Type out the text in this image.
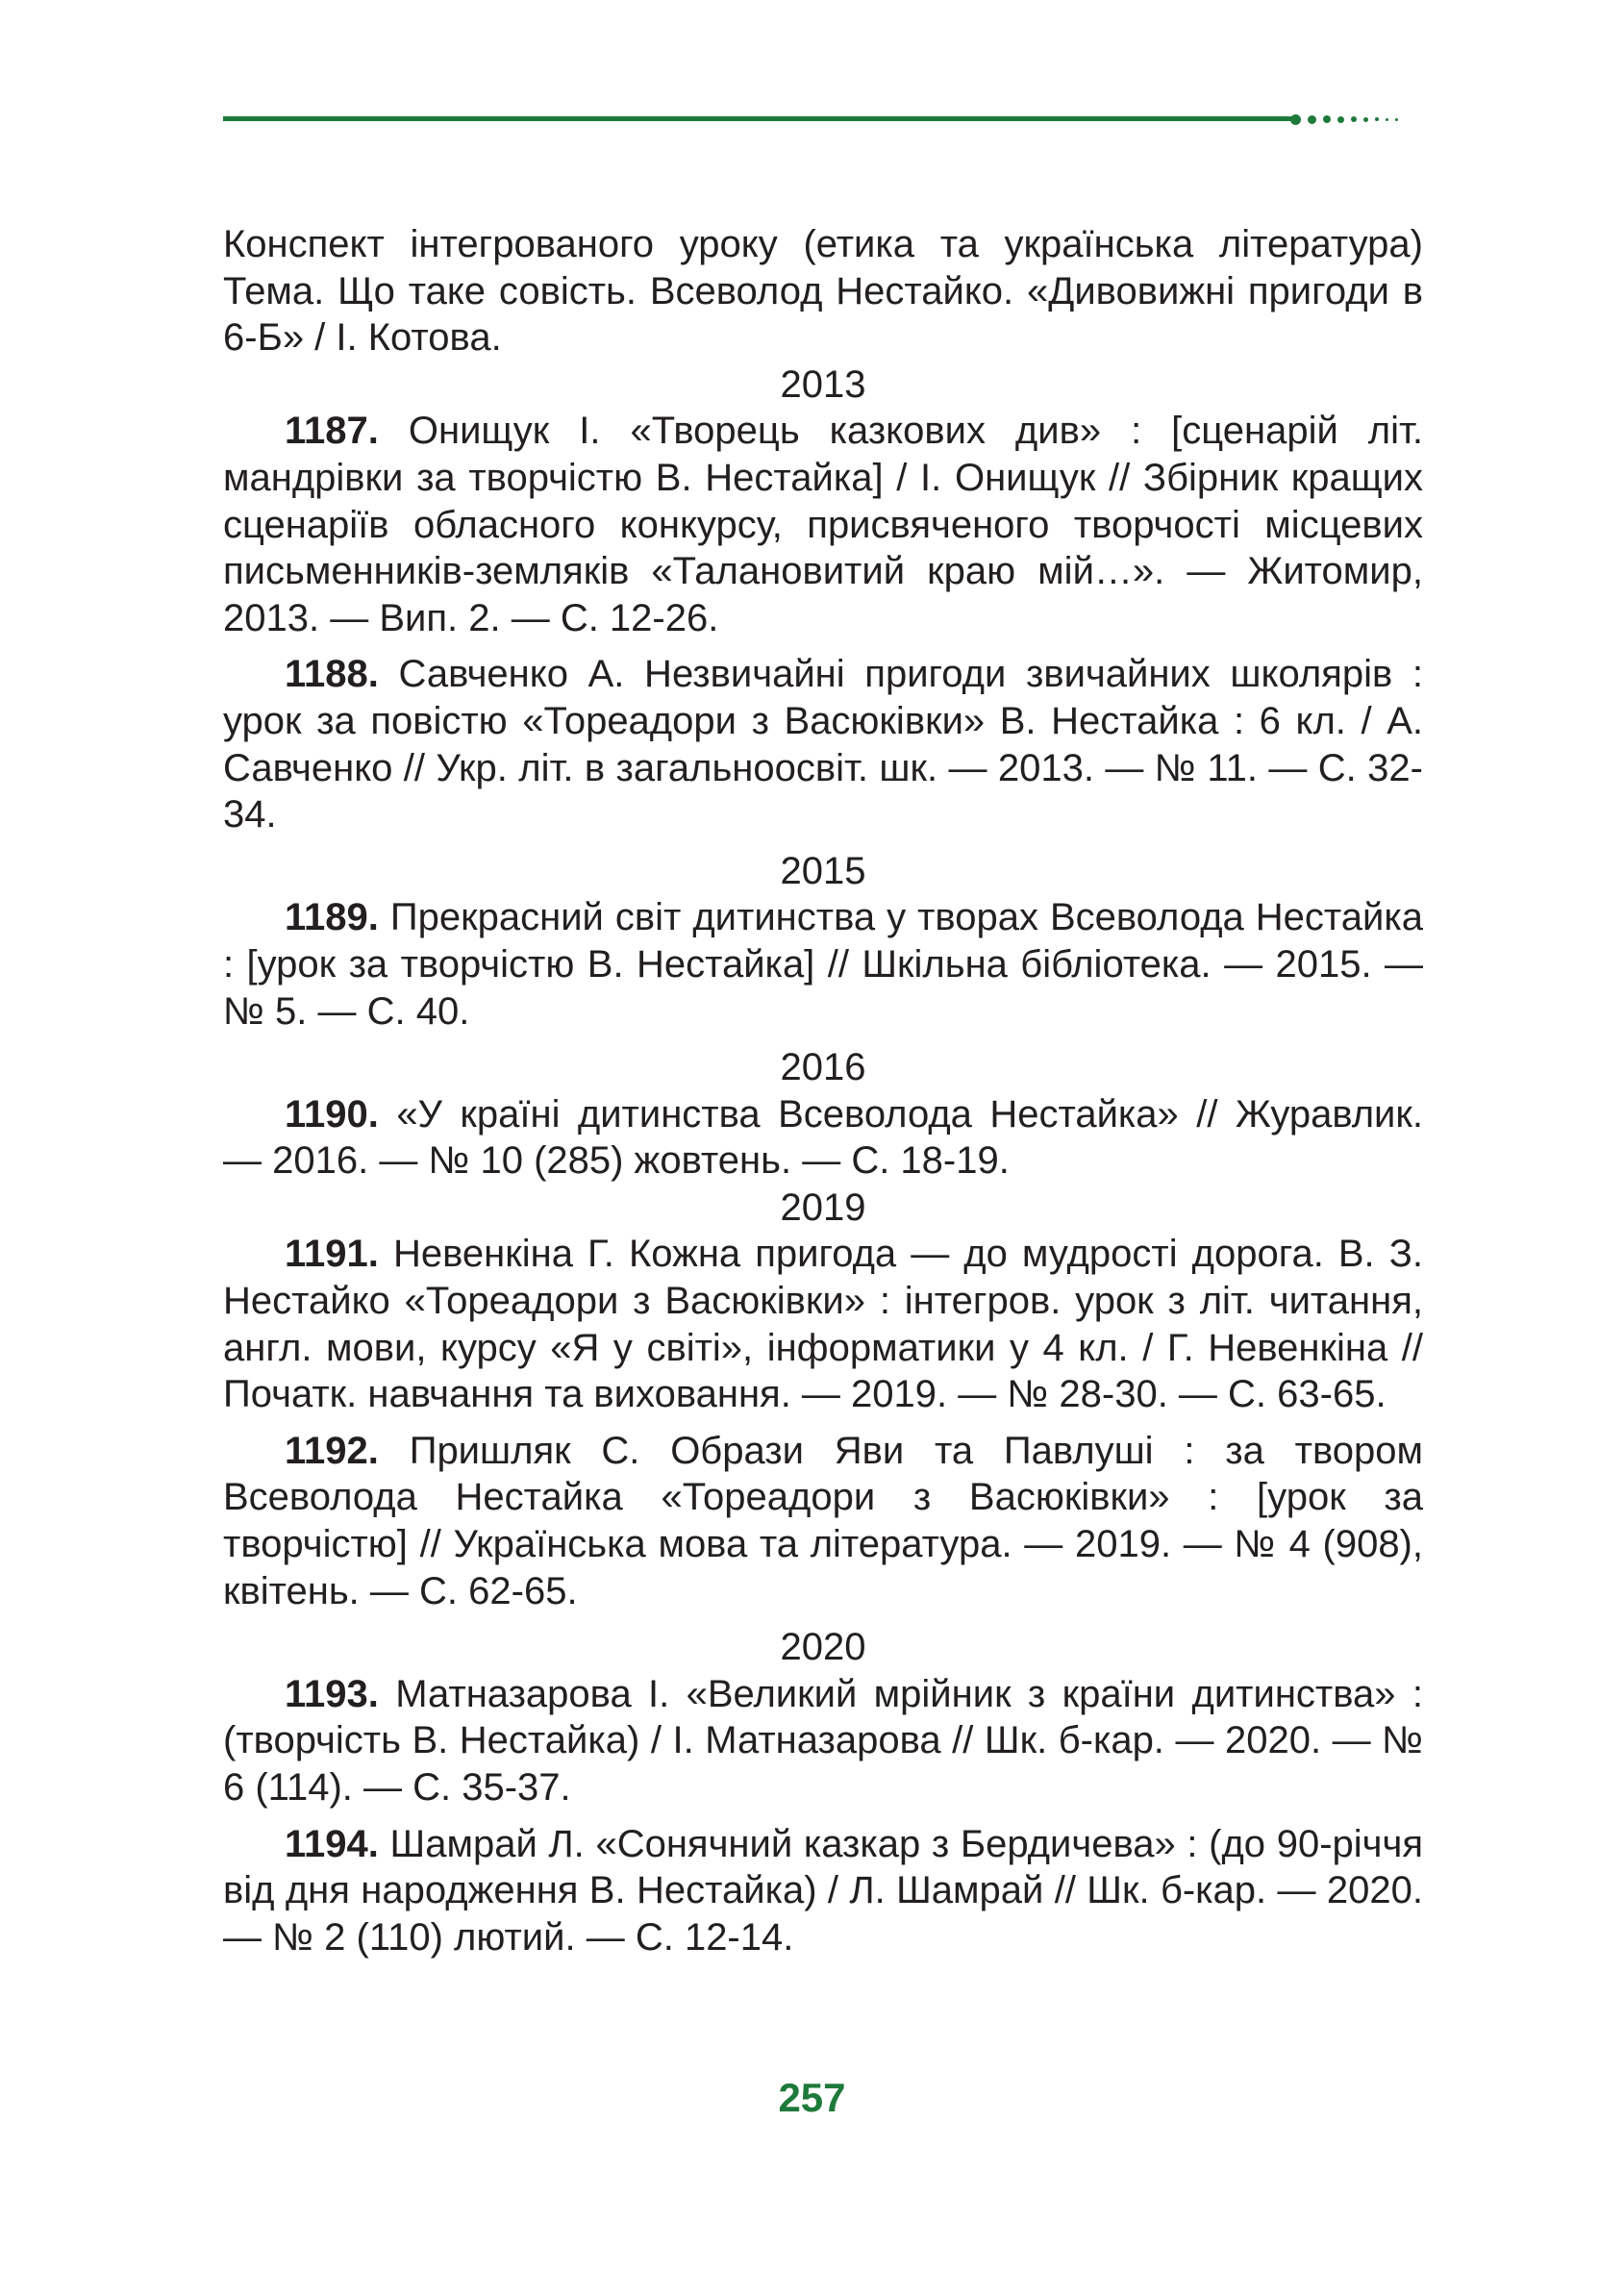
Конспект інтегрованого уроку (етика та українська література) Тема. Що таке совість. Всеволод Нестайко. «Дивовижні пригоди в 6-Б» / І. Котова.

2013

1187. Онищук І. «Творець казкових див» : [сценарій літ. мандрівки за творчістю В. Нестайка] / І. Онищук // Збірник кращих сценаріїв обласного конкурсу, присвяченого творчості місцевих письменників-земляків «Талановитий краю мій…». — Житомир, 2013. — Вип. 2. — С. 12-26.

1188. Савченко А. Незвичайні пригоди звичайних школярів : урок за повістю «Тореадори з Васюківки» В. Нестайка : 6 кл. / А. Савченко // Укр. літ. в загальноосвіт. шк. — 2013. — № 11. — С. 32-34.

2015

1189. Прекрасний світ дитинства у творах Всеволода Нестайка : [урок за творчістю В. Нестайка] // Шкільна бібліотека. — 2015. — № 5. — С. 40.

2016

1190. «У країні дитинства Всеволода Нестайка» // Журавлик. — 2016. — № 10 (285) жовтень. — С. 18-19.

2019

1191. Невенкіна Г. Кожна пригода — до мудрості дорога. В. З. Нестайко «Тореадори з Васюківки» : інтегров. урок з літ. читання, англ. мови, курсу «Я у світі», інформатики у 4 кл. / Г. Невенкіна // Початк. навчання та виховання. — 2019. — № 28-30. — С. 63-65.

1192. Пришляк С. Образи Яви та Павлуші : за твором Всеволода Нестайка «Тореадори з Васюківки» : [урок за творчістю] // Українська мова та література. — 2019. — № 4 (908), квітень. — С. 62-65.

2020

1193. Матназарова І. «Великий мрійник з країни дитинства» : (творчість В. Нестайка) / І. Матназарова // Шк. б-кар. — 2020. — № 6 (114). — С. 35-37.

1194. Шамрай Л. «Сонячний казкар з Бердичева» : (до 90-річчя від дня народження В. Нестайка) / Л. Шамрай // Шк. б-кар. — 2020. — № 2 (110) лютий. — С. 12-14.

257
